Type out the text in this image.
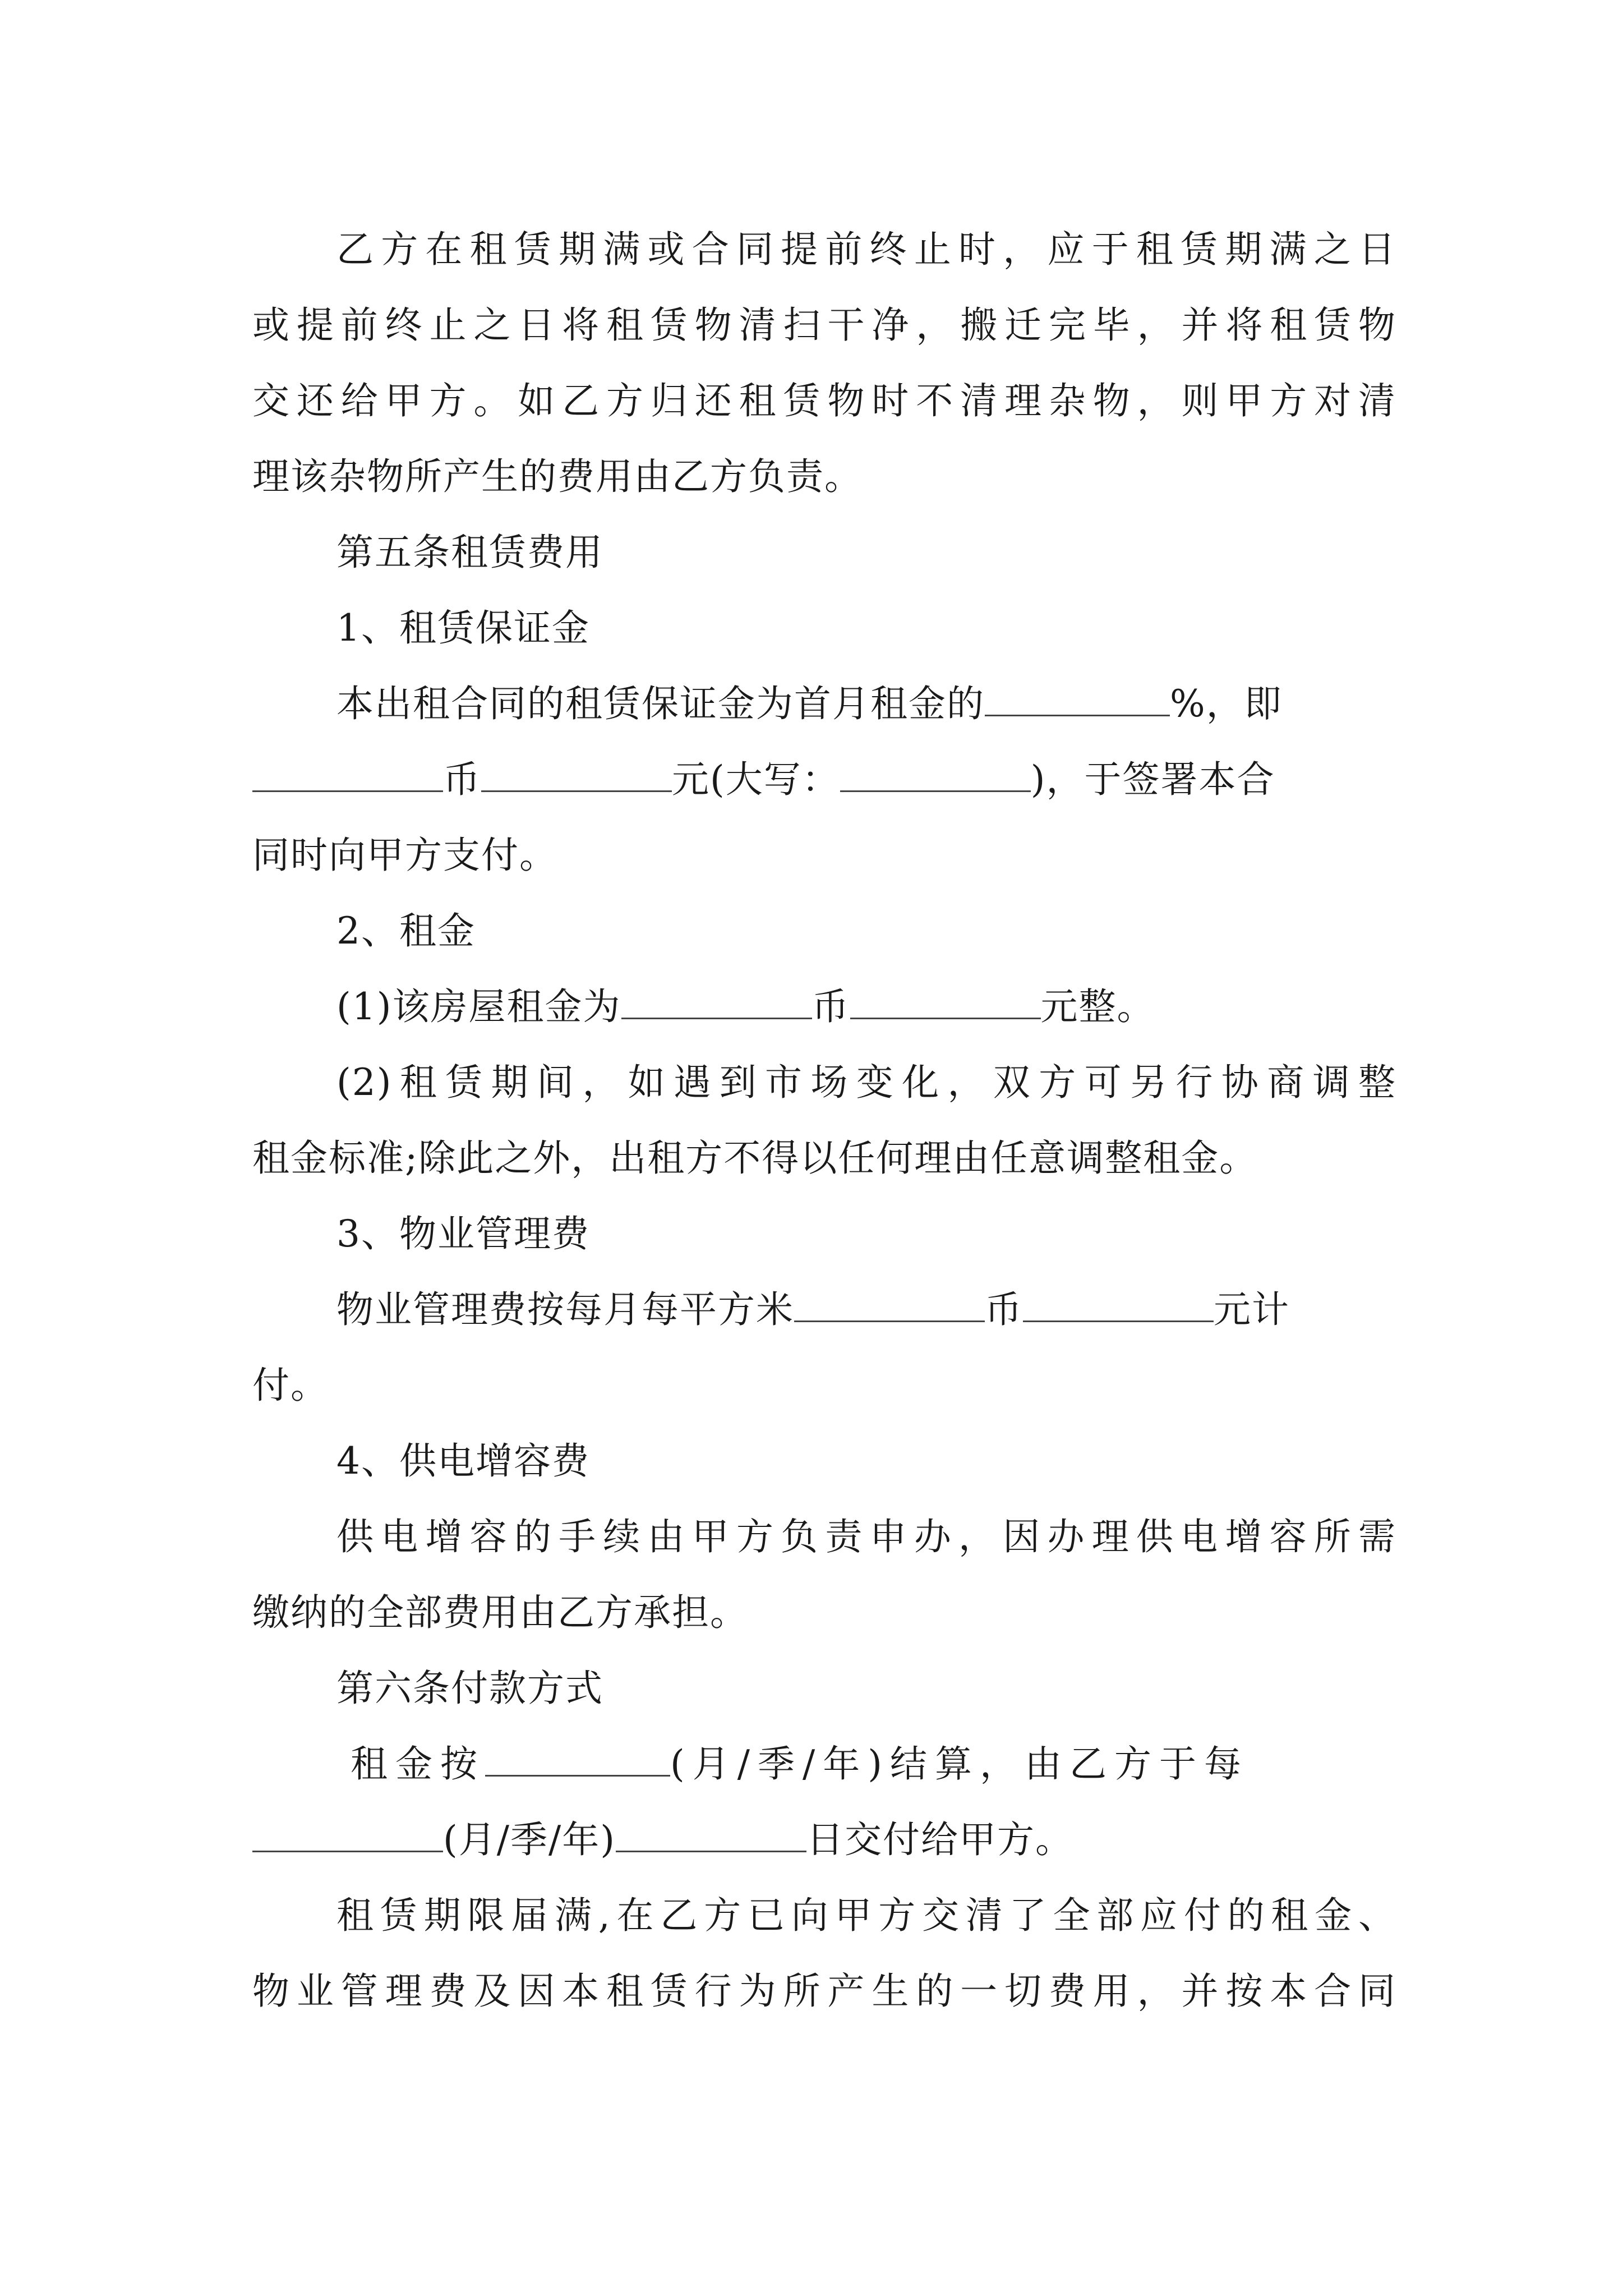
乙方在租赁期满或合同提前终止时，应于租赁期满之日
或提前终止之日将租赁物清扫干净，搬迁完毕，并将租赁物
交还给甲方。如乙方归还租赁物时不清理杂物，则甲方对清
理该杂物所产生的费用由乙方负责。
第五条租赁费用
1、租赁保证金
本出租合同的租赁保证金为首月租金的	%，即
币	元(大写：	)，于签署本合
同时向甲方支付。
2、租金
(1)该房屋租金为	币	元整。
(2)租赁期间，如遇到市场变化，双方可另行协商调整
租金标准;除此之外，出租方不得以任何理由任意调整租金。
3、物业管理费
物业管理费按每月每平方米	币	元计
付。
4、供电增容费
供电增容的手续由甲方负责申办，因办理供电增容所需
缴纳的全部费用由乙方承担。
第六条付款方式
租金按	(月/季/年)结算，由乙方于每
(月/季/年)	日交付给甲方。
租赁期限届满,在乙方已向甲方交清了全部应付的租金、
物业管理费及因本租赁行为所产生的一切费用，并按本合同
